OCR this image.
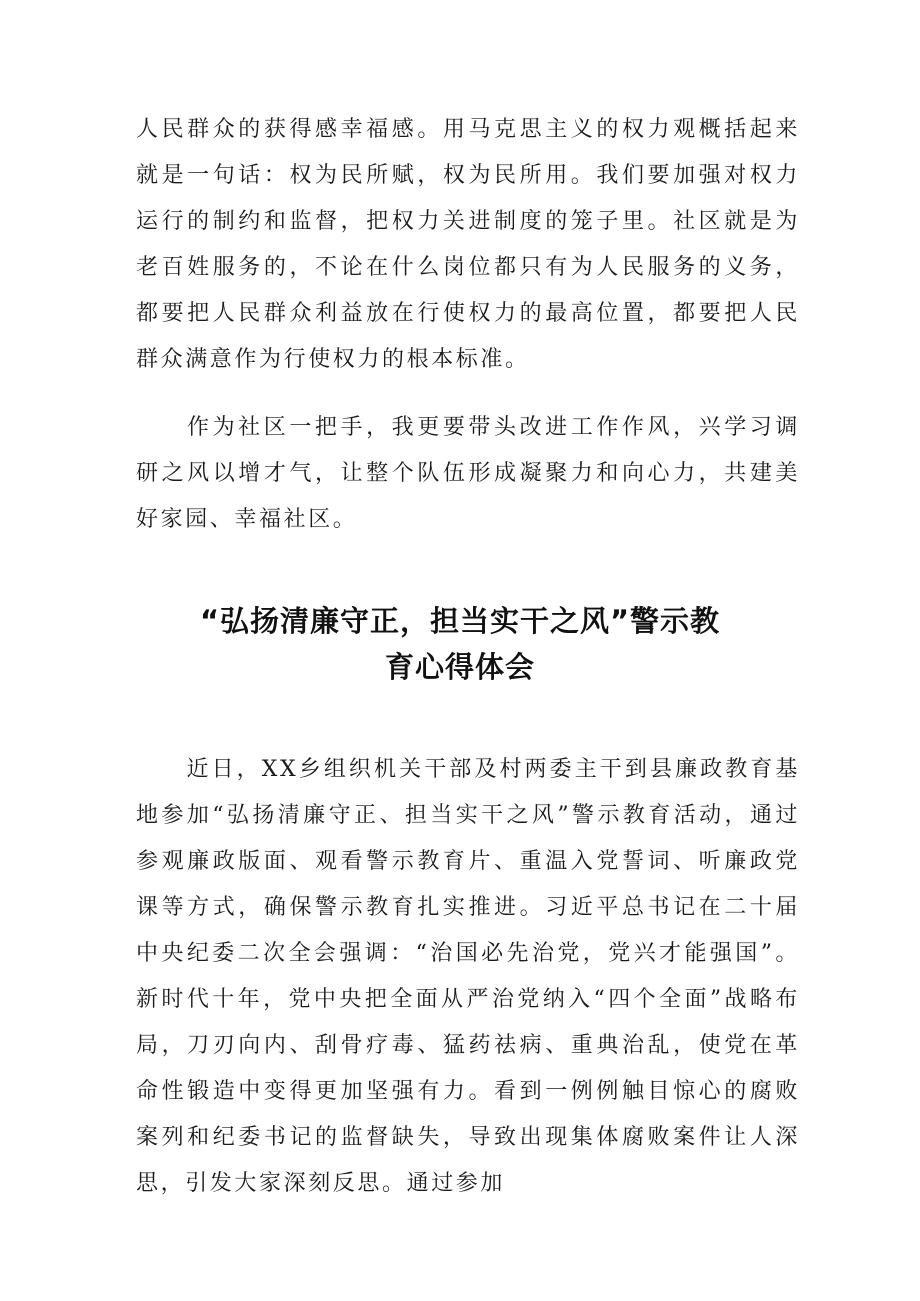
人民群众的获得感幸福感。用马克思主义的权力观概括起来就是一句话：权为民所赋，权为民所用。我们要加强对权力运行的制约和监督，把权力关进制度的笼子里。社区就是为老百姓服务的，不论在什么岗位都只有为人民服务的义务，都要把人民群众利益放在行使权力的最高位置，都要把人民群众满意作为行使权力的根本标准。

作为社区一把手，我更要带头改进工作作风，兴学习调研之风以增才气，让整个队伍形成凝聚力和向心力，共建美好家园、幸福社区。

“弘扬清廉守正，担当实干之风”警示教
育心得体会

近日，XX乡组织机关干部及村两委主干到县廉政教育基地参加“弘扬清廉守正、担当实干之风”警示教育活动，通过参观廉政版面、观看警示教育片、重温入党誓词、听廉政党课等方式，确保警示教育扎实推进。习近平总书记在二十届中央纪委二次全会强调：“治国必先治党，党兴才能强国”。新时代十年，党中央把全面从严治党纳入“四个全面”战略布局，刀刃向内、刮骨疗毒、猛药祛病、重典治乱，使党在革命性锻造中变得更加坚强有力。看到一例例触目惊心的腐败案列和纪委书记的监督缺失，导致出现集体腐败案件让人深思，引发大家深刻反思。通过参加
